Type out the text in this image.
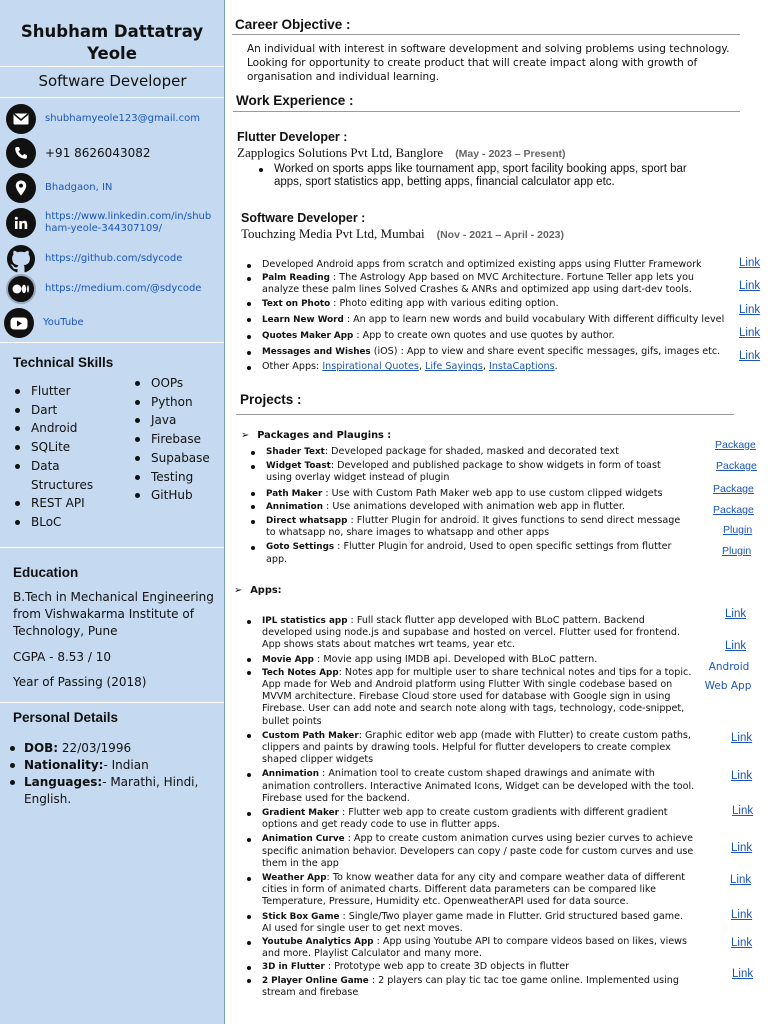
Shubham Dattatray Yeole
Software Developer
shubhamyeole123@gmail.com
+91 8626043082
Bhadgaon, IN
https://www.linkedin.com/in/shubham-yeole-344307109/
https://github.com/sdycode
https://medium.com/@sdycode
YouTube
Technical Skills
Flutter
Dart
Android
SQLite
Data Structures
REST API
BLoC
OOPs
Python
Java
Firebase
Supabase
Testing
GitHub
Education
B.Tech in Mechanical Engineering from Vishwakarma Institute of Technology, Pune
CGPA - 8.53 / 10
Year of Passing (2018)
Personal Details
DOB: 22/03/1996
Nationality:- Indian
Languages:- Marathi, Hindi, English.
Career Objective :
An individual with interest in software development and solving problems using technology. Looking for opportunity to create product that will create impact along with growth of organisation and individual learning.
Work Experience :
Flutter Developer :
Zapplogics Solutions Pvt Ltd, Banglore (May - 2023 – Present)
Worked on sports apps like tournament app, sport facility booking apps, sport bar apps, sport statistics app, betting apps, financial calculator app etc.
Software Developer :
Touchzing Media Pvt Ltd, Mumbai (Nov - 2021 – April - 2023)
Developed Android apps from scratch and optimized existing apps using Flutter Framework
Palm Reading : The Astrology App based on MVC Architecture. Fortune Teller app lets you analyze these palm lines Solved Crashes & ANRs and optimized app using dart-dev tools.
Text on Photo : Photo editing app with various editing option.
Learn New Word : An app to learn new words and build vocabulary With different difficulty level
Quotes Maker App : App to create own quotes and use quotes by author.
Messages and Wishes (iOS) : App to view and share event specific messages, gifs, images etc.
Other Apps: Inspirational Quotes, Life Sayings, InstaCaptions.
Link
Link
Link
Link
Link
Projects :
➢ Packages and Plaugins :
Shader Text: Developed package for shaded, masked and decorated text
Widget Toast: Developed and published package to show widgets in form of toast using overlay widget instead of plugin
Path Maker : Use with Custom Path Maker web app to use custom clipped widgets
Annimation : Use animations developed with animation web app in flutter.
Direct whatsapp : Flutter Plugin for android. It gives functions to send direct message to whatsapp no, share images to whatsapp and other apps
Goto Settings : Flutter Plugin for android, Used to open specific settings from flutter app.
Package
Package
Package
Package
Plugin
Plugin
➢ Apps:
IPL statistics app : Full stack flutter app developed with BLoC pattern. Backend developed using node.js and supabase and hosted on vercel. Flutter used for frontend. App shows stats about matches wrt teams, year etc.
Movie App : Movie app using IMDB api. Developed with BLoC pattern.
Tech Notes App: Notes app for multiple user to share technical notes and tips for a topic. App made for Web and Android platform using Flutter With single codebase based on MVVM architecture. Firebase Cloud store used for database with Google sign in using Firebase. User can add note and search note along with tags, technology, code-snippet, bullet points
Custom Path Maker: Graphic editor web app (made with Flutter) to create custom paths, clippers and paints by drawing tools. Helpful for flutter developers to create complex shaped clipper widgets
Annimation : Animation tool to create custom shaped drawings and animate with animation controllers. Interactive Animated Icons, Widget can be developed with the tool. Firebase used for the backend.
Gradient Maker : Flutter web app to create custom gradients with different gradient options and get ready code to use in flutter apps.
Animation Curve : App to create custom animation curves using bezier curves to achieve specific animation behavior. Developers can copy / paste code for custom curves and use them in the app
Weather App: To know weather data for any city and compare weather data of different cities in form of animated charts. Different data parameters can be compared like Temperature, Pressure, Humidity etc. OpenweatherAPI used for data source.
Stick Box Game : Single/Two player game made in Flutter. Grid structured based game. AI used for single user to get next moves.
Youtube Analytics App : App using Youtube API to compare videos based on likes, views and more. Playlist Calculator and many more.
3D in Flutter : Prototype web app to create 3D objects in flutter
2 Player Online Game : 2 players can play tic tac toe game online. Implemented using stream and firebase
Link
Link
Android
Web App
Link
Link
Link
Link
Link
Link
Link
Link
